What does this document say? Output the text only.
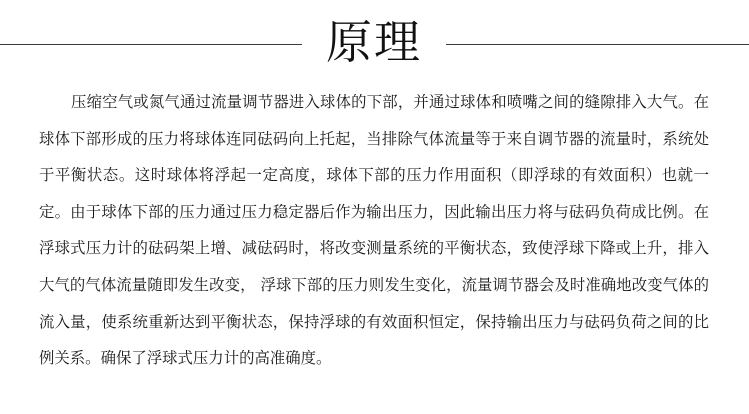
原理

压缩空气或氮气通过流量调节器进入球体的下部，并通过球体和喷嘴之间的缝隙排入大气。在球体下部形成的压力将球体连同砝码向上托起，当排除气体流量等于来自调节器的流量时，系统处于平衡状态。这时球体将浮起一定高度，球体下部的压力作用面积（即浮球的有效面积）也就一定。由于球体下部的压力通过压力稳定器后作为输出压力，因此输出压力将与砝码负荷成比例。在浮球式压力计的砝码架上增、减砝码时，将改变测量系统的平衡状态，致使浮球下降或上升，排入大气的气体流量随即发生改变， 浮球下部的压力则发生变化，流量调节器会及时准确地改变气体的流入量，使系统重新达到平衡状态，保持浮球的有效面积恒定，保持输出压力与砝码负荷之间的比例关系。确保了浮球式压力计的高准确度。
